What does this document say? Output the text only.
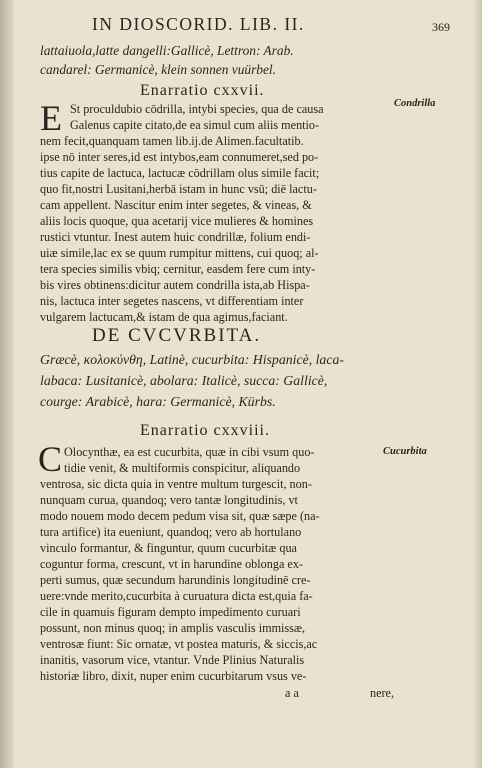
IN DIOSCORID. LIB. II.	369
lattaiuola,latte dangelli:Gallicè, Lettron: Arab.
candarel: Germanicè, klein sonnen vuürbel.
Enarratio cxxvii.
Condrilla
E St proculdubio cōdrilla, intybi species, qua de causa
Galenus capite citato,de ea simul cum aliis mentio-
nem fecit,quanquam tamen lib.ij.de Alimen.facultatib.
ipse nō inter seres,id est intybos,eam connumeret,sed po-
tius capite de lactuca, lactucæ cōdrillam olus simile facit;
quo fit,nostri Lusitani,herbā istam in hunc vsū; diē lactu-
cam appellent. Nascitur enim inter segetes, & vineas, &
aliis locis quoque, qua acetarij vice mulieres & homines
rustici vtuntur. Inest autem huic condrillæ, folium endi-
uiæ simile,lac ex se quum rumpitur mittens, cui quoq; al-
tera species similis vbiq; cernitur, easdem fere cum inty-
bis vires obtinens:dicitur autem condrilla ista,ab Hispa-
nis, lactuca inter segetes nascens, vt differentiam inter
vulgarem lactucam,& istam de qua agimus,faciant.
DE CVCVRBITA.
Græcè, κολοκύνθη, Latinè, cucurbita: Hispanicè, laca-
labaca: Lusitanicè, abolara: Italicè, succa: Gallicè,
courge: Arabicè, hara: Germanicè, Kürbs.
Enarratio cxxviii.
Cucurbita
C Olocynthæ, ea est cucurbita, quæ in cibi vsum quo-
tidie venit, & multiformis conspicitur, aliquando
ventrosa, sic dicta quia in ventre multum turgescit, non-
nunquam curua, quandoq; vero tantæ longitudinis, vt
modo nouem modo decem pedum visa sit, quæ sæpe (na-
tura artifice) ita eueniunt, quandoq; vero ab hortulano
vinculo formantur, & finguntur, quum cucurbitæ qua
coguntur forma, crescunt, vt in harundine oblonga ex-
perti sumus, quæ secundum harundinis longitudinē cre-
uere:vnde merito,cucurbita à curuatura dicta est,quia fa-
cile in quamuis figuram dempto impedimento curuari
possunt, non minus quoq; in amplis vasculis immissæ,
ventrosæ fiunt: Sic ornatæ, vt postea maturis, & siccis,ac
inanitis, vasorum vice, vtantur. Vnde Plinius Naturalis
historiæ libro, dixit, nuper enim cucurbitarum vsus ve-
a a	nere,
